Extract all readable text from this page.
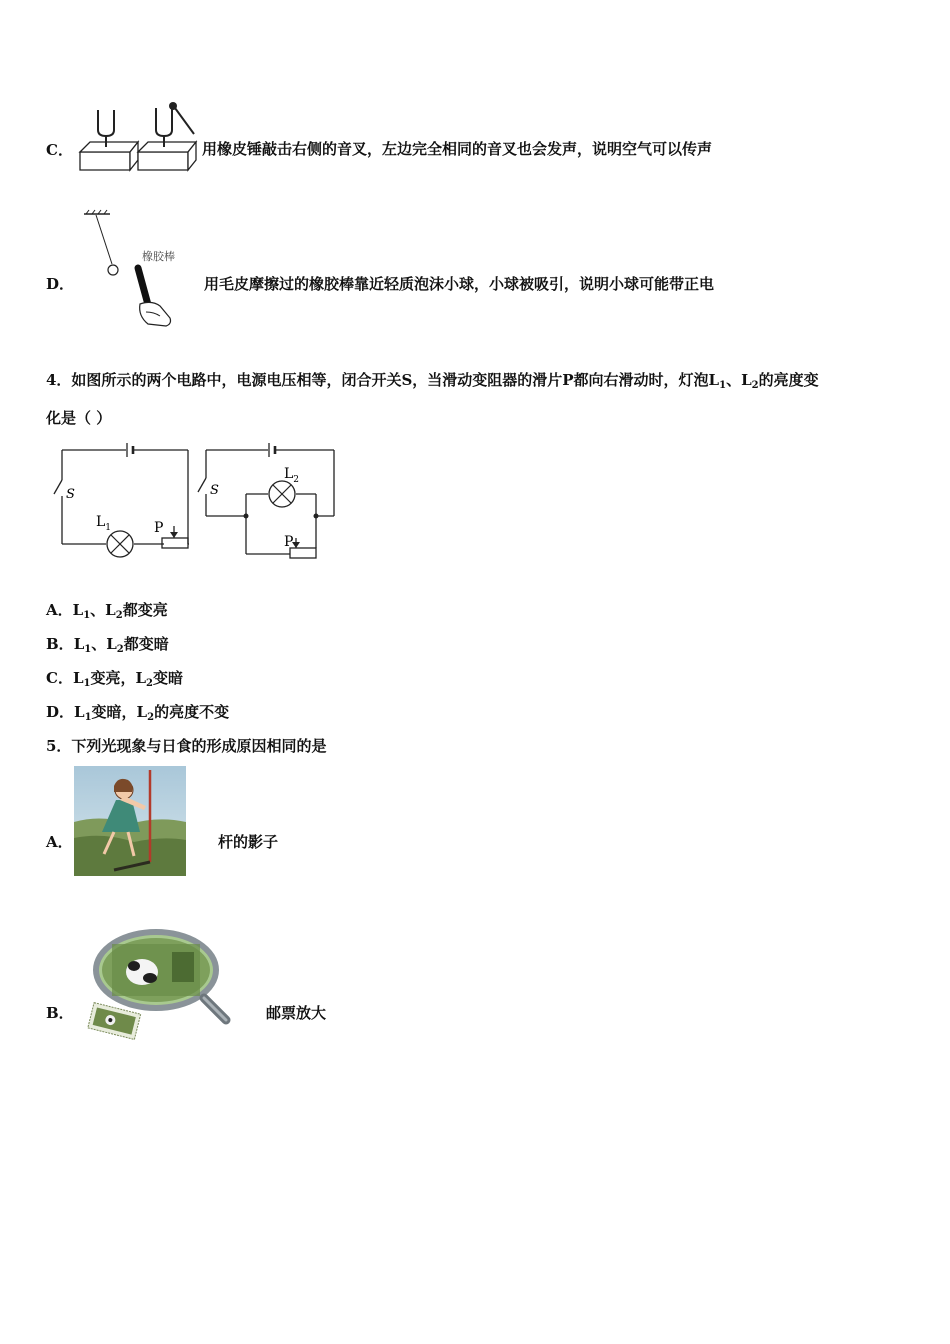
C．	用橡皮锤敲击右侧的音叉，左边完全相同的音叉也会发声，说明空气可以传声
D．
橡胶棒
用毛皮摩擦过的橡胶棒靠近轻质泡沫小球，小球被吸引，说明小球可能带正电
4．如图所示的两个电路中，电源电压相等，闭合开关S，当滑动变阻器的滑片P都向右滑动时，灯泡$L_1$、$L_2$的亮度变
化是（ ）
S
$L_1$	P
S
$L_2$
P
A．$L_1$、$L_2$都变亮
B．$L_1$、$L_2$都变暗
C．$L_1$变亮，$L_2$变暗
D．$L_1$变暗，$L_2$的亮度不变
5．下列光现象与日食的形成原因相同的是
A．	杆的影子
B．	邮票放大
